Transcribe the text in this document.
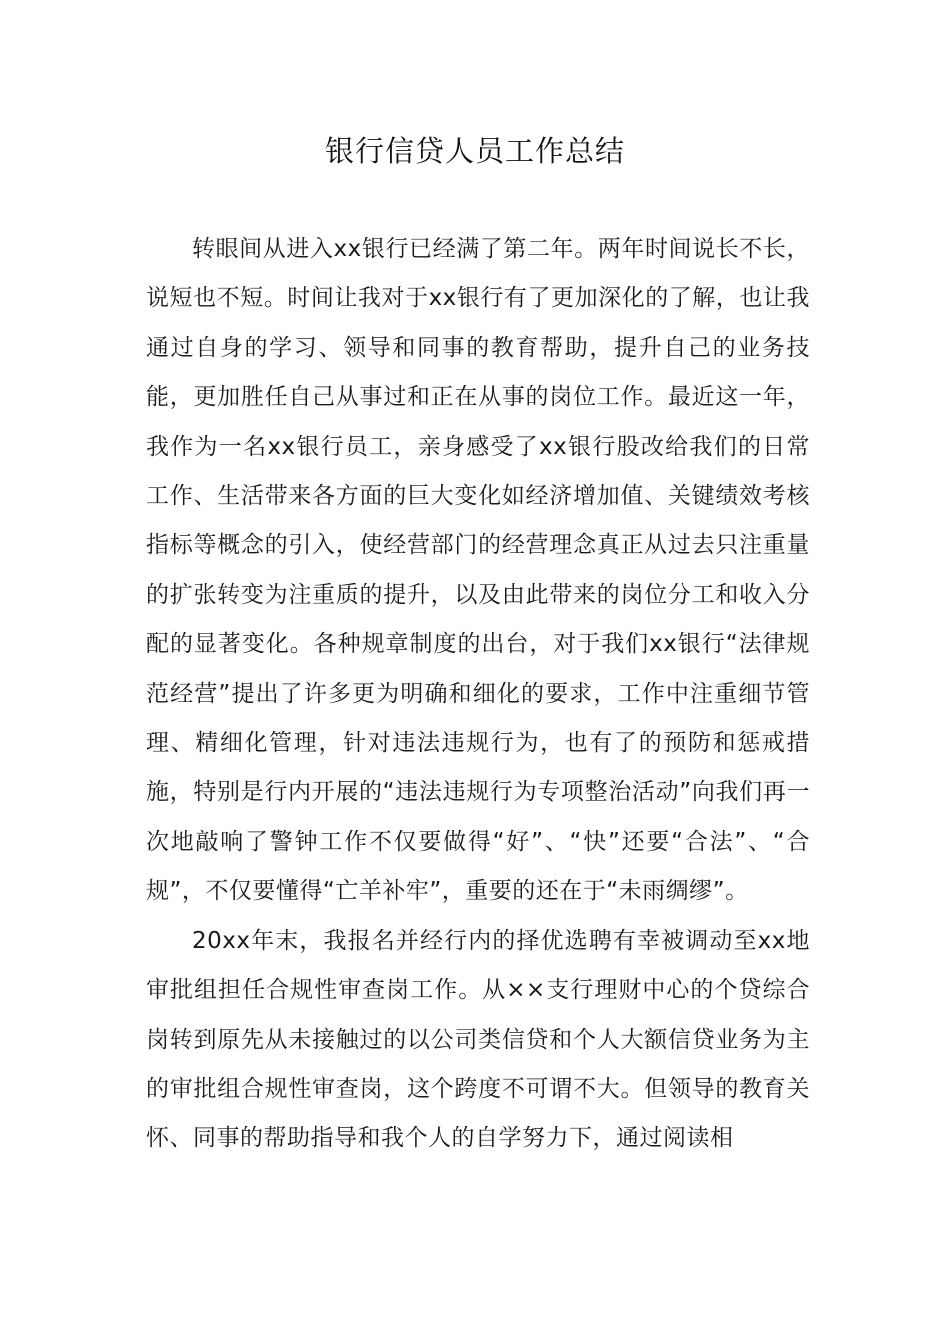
银行信贷人员工作总结

转眼间从进入xx银行已经满了第二年。两年时间说长不长，说短也不短。时间让我对于xx银行有了更加深化的了解，也让我通过自身的学习、领导和同事的教育帮助，提升自己的业务技能，更加胜任自己从事过和正在从事的岗位工作。最近这一年，我作为一名xx银行员工，亲身感受了xx银行股改给我们的日常工作、生活带来各方面的巨大变化如经济增加值、关键绩效考核指标等概念的引入，使经营部门的经营理念真正从过去只注重量的扩张转变为注重质的提升，以及由此带来的岗位分工和收入分配的显著变化。各种规章制度的出台，对于我们xx银行“法律规范经营”提出了许多更为明确和细化的要求，工作中注重细节管理、精细化管理，针对违法违规行为，也有了的预防和惩戒措施，特别是行内开展的“违法违规行为专项整治活动”向我们再一次地敲响了警钟工作不仅要做得“好”、“快”还要“合法”、“合规”，不仅要懂得“亡羊补牢”，重要的还在于“未雨绸缪”。

20xx年末，我报名并经行内的择优选聘有幸被调动至xx地审批组担任合规性审查岗工作。从××支行理财中心的个贷综合岗转到原先从未接触过的以公司类信贷和个人大额信贷业务为主的审批组合规性审查岗，这个跨度不可谓不大。但领导的教育关怀、同事的帮助指导和我个人的自学努力下，通过阅读相
